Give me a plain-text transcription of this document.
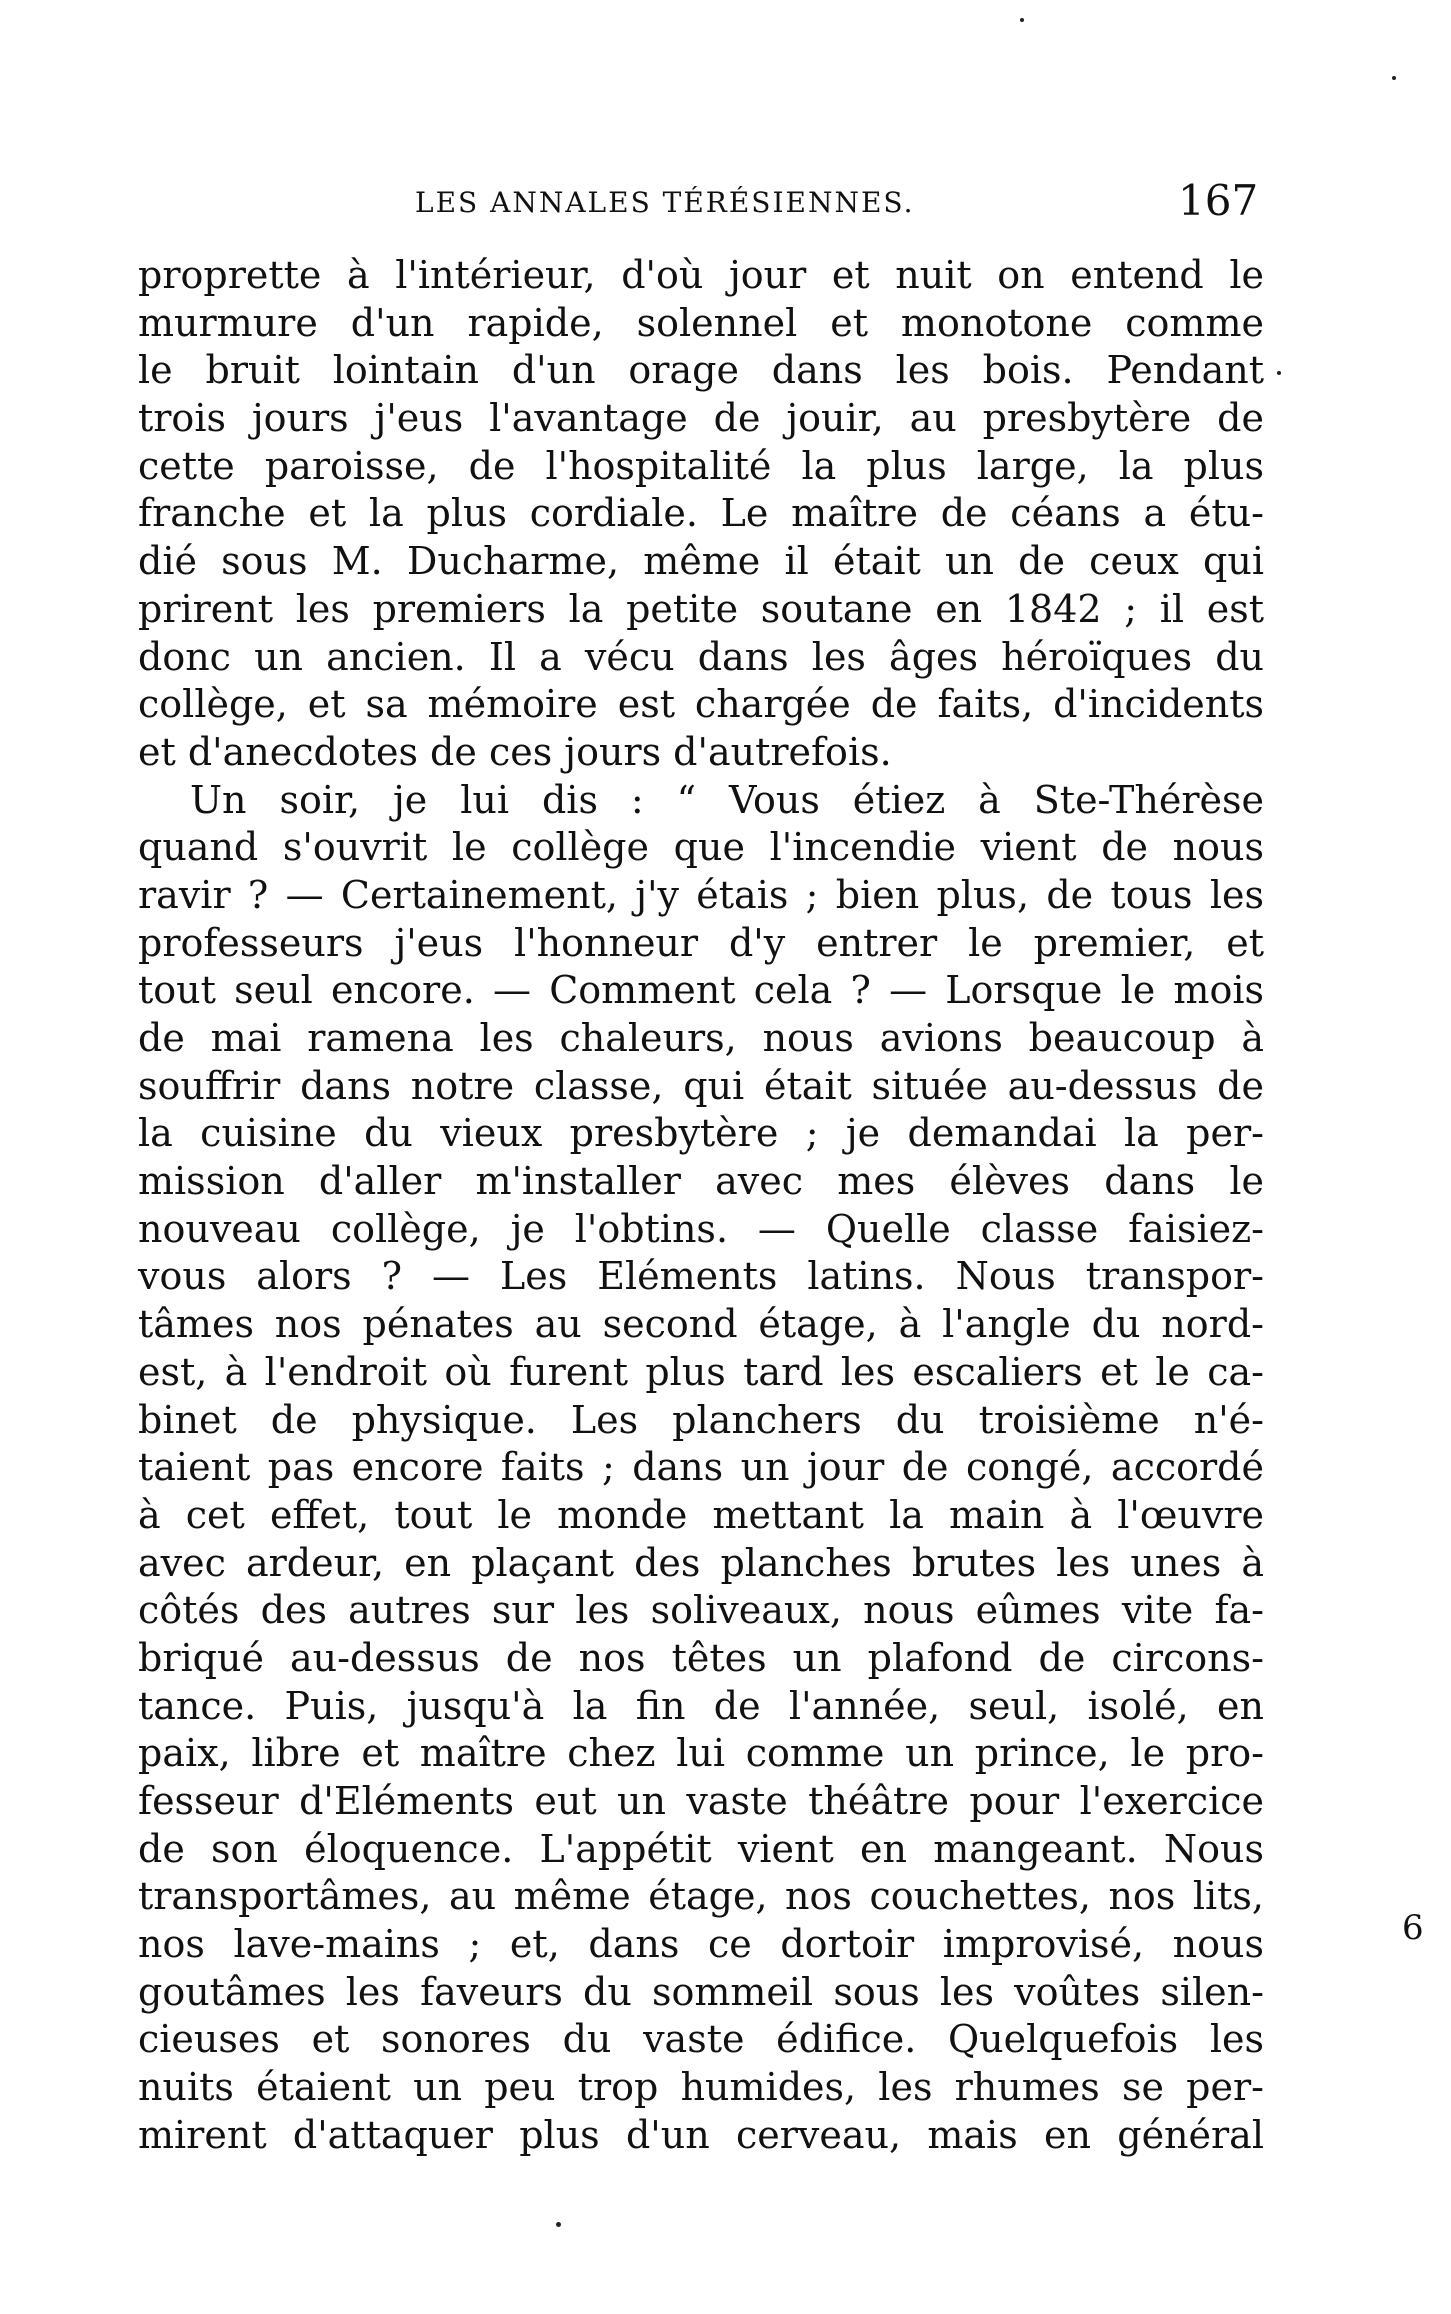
LES ANNALES TÉRÉSIENNES.	167
proprette à l'intérieur, d'où jour et nuit on entend le
murmure d'un rapide, solennel et monotone comme
le bruit lointain d'un orage dans les bois. Pendant
trois jours j'eus l'avantage de jouir, au presbytère de
cette paroisse, de l'hospitalité la plus large, la plus
franche et la plus cordiale. Le maître de céans a étu-
dié sous M. Ducharme, même il était un de ceux qui
prirent les premiers la petite soutane en 1842 ; il est
donc un ancien. Il a vécu dans les âges héroïques du
collège, et sa mémoire est chargée de faits, d'incidents
et d'anecdotes de ces jours d'autrefois.
Un soir, je lui dis : “ Vous étiez à Ste-Thérèse
quand s'ouvrit le collège que l'incendie vient de nous
ravir ? — Certainement, j'y étais ; bien plus, de tous les
professeurs j'eus l'honneur d'y entrer le premier, et
tout seul encore. — Comment cela ? — Lorsque le mois
de mai ramena les chaleurs, nous avions beaucoup à
souffrir dans notre classe, qui était située au-dessus de
la cuisine du vieux presbytère ; je demandai la per-
mission d'aller m'installer avec mes élèves dans le
nouveau collège, je l'obtins. — Quelle classe faisiez-
vous alors ? — Les Eléments latins. Nous transpor-
tâmes nos pénates au second étage, à l'angle du nord-
est, à l'endroit où furent plus tard les escaliers et le ca-
binet de physique. Les planchers du troisième n'é-
taient pas encore faits ; dans un jour de congé, accordé
à cet effet, tout le monde mettant la main à l'œuvre
avec ardeur, en plaçant des planches brutes les unes à
côtés des autres sur les soliveaux, nous eûmes vite fa-
briqué au-dessus de nos têtes un plafond de circons-
tance. Puis, jusqu'à la fin de l'année, seul, isolé, en
paix, libre et maître chez lui comme un prince, le pro-
fesseur d'Eléments eut un vaste théâtre pour l'exercice
de son éloquence. L'appétit vient en mangeant. Nous
transportâmes, au même étage, nos couchettes, nos lits,
nos lave-mains ; et, dans ce dortoir improvisé, nous
goutâmes les faveurs du sommeil sous les voûtes silen-
cieuses et sonores du vaste édifice. Quelquefois les
nuits étaient un peu trop humides, les rhumes se per-
mirent d'attaquer plus d'un cerveau, mais en général
6
